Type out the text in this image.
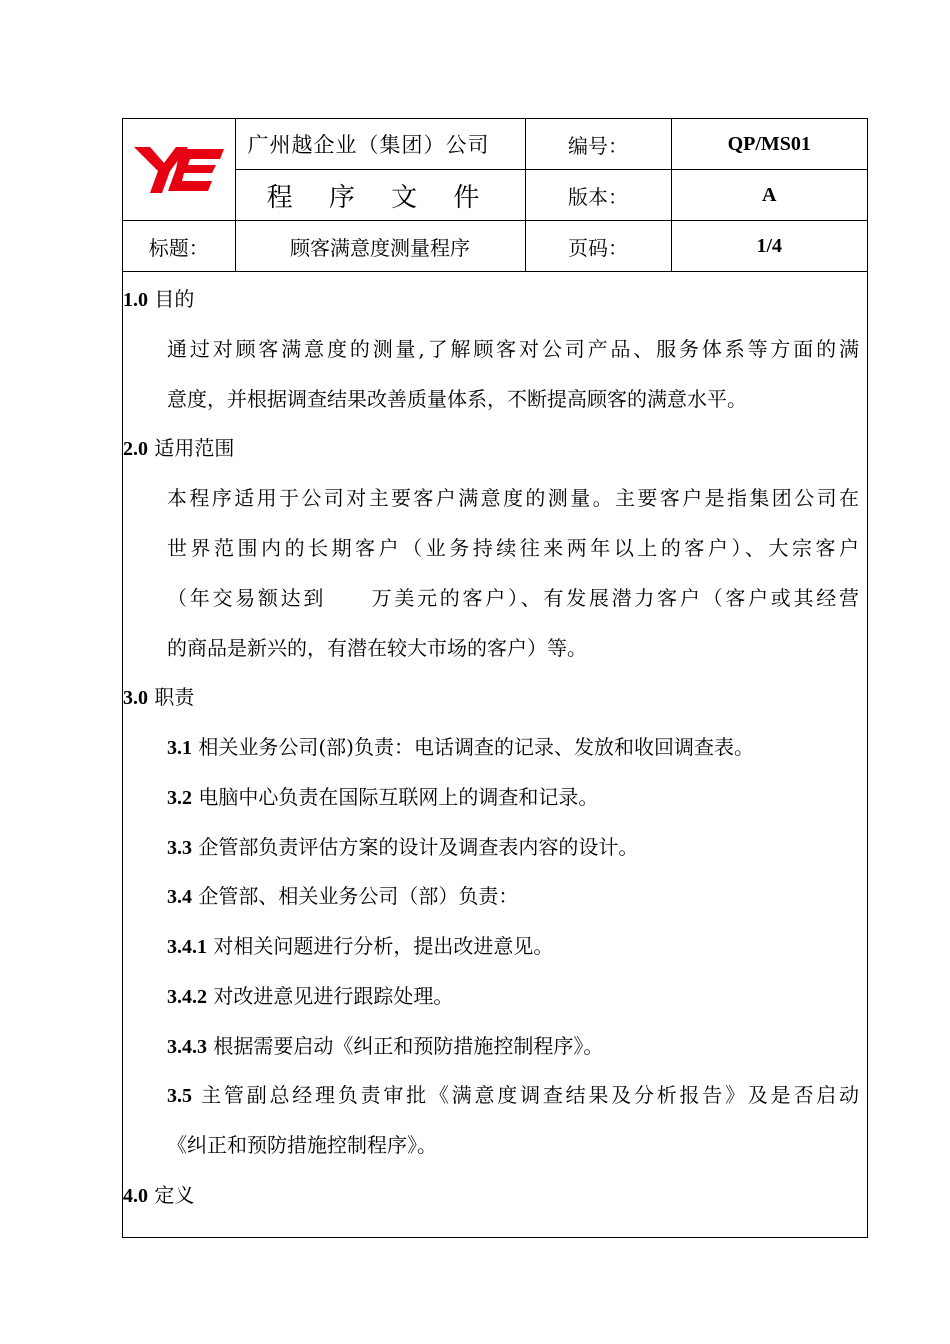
	广州越企业（集团）公司	编号：	QP/MS01
	程 序 文 件	版本：	A
标题：	顾客满意度测量程序	页码：	1/4
1.0 目的
通过对顾客满意度的测量,了解顾客对公司产品、服务体系等方面的满
意度，并根据调查结果改善质量体系，不断提高顾客的满意水平。
2.0 适用范围
本程序适用于公司对主要客户满意度的测量。主要客户是指集团公司在
世界范围内的长期客户（业务持续往来两年以上的客户）、大宗客户
（年交易额达到　　万美元的客户）、有发展潜力客户（客户或其经营
的商品是新兴的，有潜在较大市场的客户）等。
3.0 职责
3.1 相关业务公司(部)负责：电话调查的记录、发放和收回调查表。
3.2 电脑中心负责在国际互联网上的调查和记录。
3.3 企管部负责评估方案的设计及调查表内容的设计。
3.4 企管部、相关业务公司（部）负责：
3.4.1 对相关问题进行分析，提出改进意见。
3.4.2 对改进意见进行跟踪处理。
3.4.3 根据需要启动《纠正和预防措施控制程序》。
3.5 主管副总经理负责审批《满意度调查结果及分析报告》及是否启动
《纠正和预防措施控制程序》。
4.0 定义
